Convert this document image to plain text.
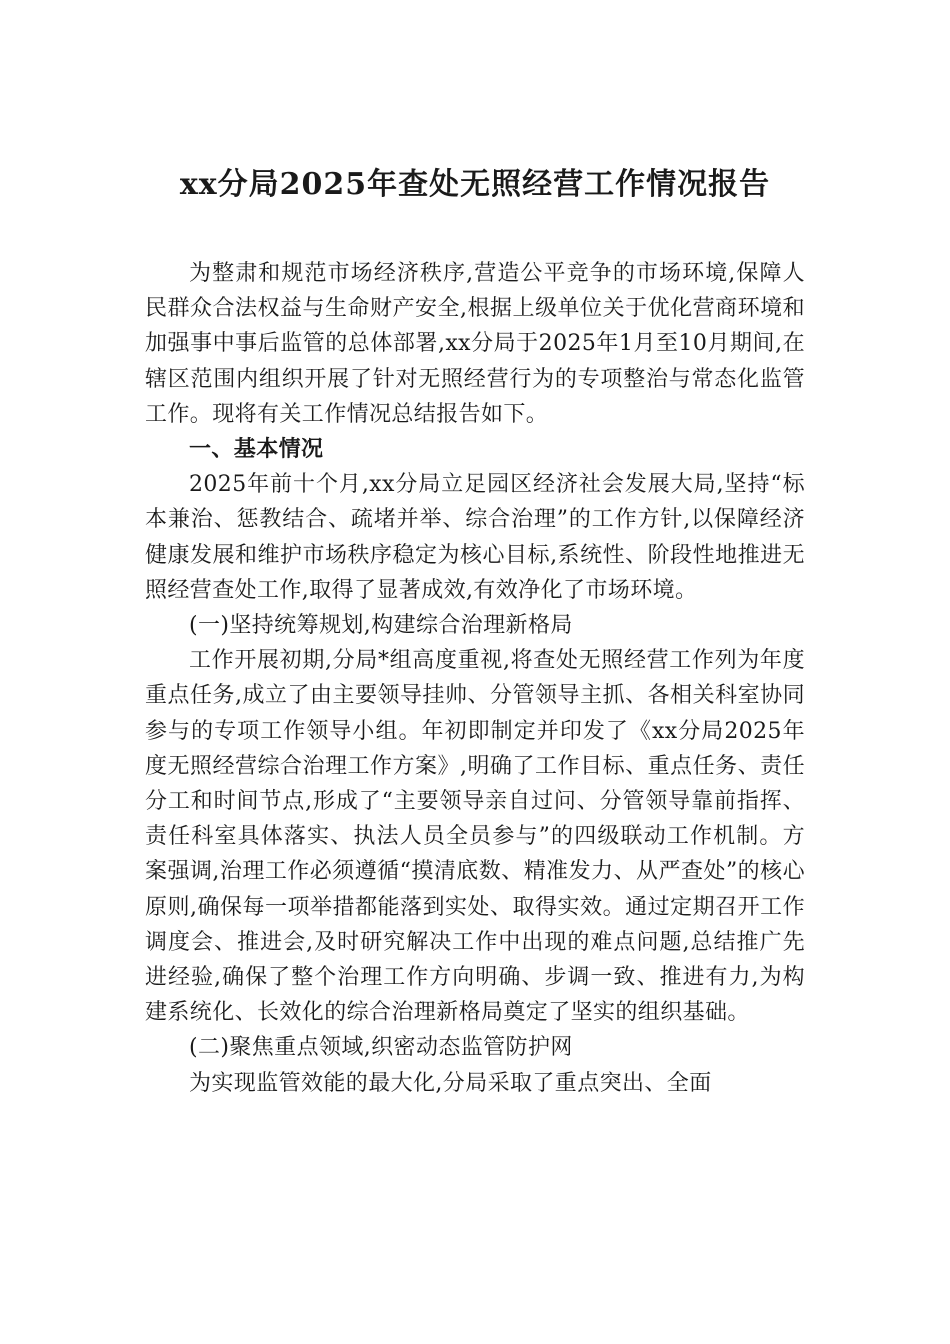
xx分局2025年查处无照经营工作情况报告

为整肃和规范市场经济秩序,营造公平竞争的市场环境,保障人民群众合法权益与生命财产安全,根据上级单位关于优化营商环境和加强事中事后监管的总体部署,xx分局于2025年1月至10月期间,在辖区范围内组织开展了针对无照经营行为的专项整治与常态化监管工作。现将有关工作情况总结报告如下。

一、基本情况

2025年前十个月,xx分局立足园区经济社会发展大局,坚持“标本兼治、惩教结合、疏堵并举、综合治理”的工作方针,以保障经济健康发展和维护市场秩序稳定为核心目标,系统性、阶段性地推进无照经营查处工作,取得了显著成效,有效净化了市场环境。

(一)坚持统筹规划,构建综合治理新格局

工作开展初期,分局*组高度重视,将查处无照经营工作列为年度重点任务,成立了由主要领导挂帅、分管领导主抓、各相关科室协同参与的专项工作领导小组。年初即制定并印发了《xx分局2025年度无照经营综合治理工作方案》,明确了工作目标、重点任务、责任分工和时间节点,形成了“主要领导亲自过问、分管领导靠前指挥、责任科室具体落实、执法人员全员参与”的四级联动工作机制。方案强调,治理工作必须遵循“摸清底数、精准发力、从严查处”的核心原则,确保每一项举措都能落到实处、取得实效。通过定期召开工作调度会、推进会,及时研究解决工作中出现的难点问题,总结推广先进经验,确保了整个治理工作方向明确、步调一致、推进有力,为构建系统化、长效化的综合治理新格局奠定了坚实的组织基础。

(二)聚焦重点领域,织密动态监管防护网

为实现监管效能的最大化,分局采取了重点突出、全面
